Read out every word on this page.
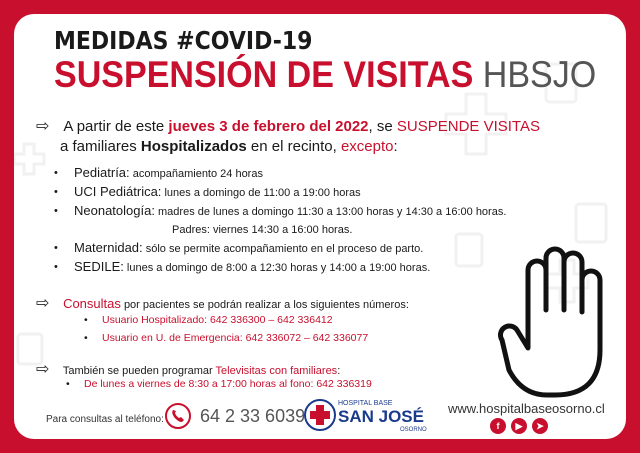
MEDIDAS #COVID-19
SUSPENSIÓN DE VISITAS HBSJO
⇨ A partir de este jueves 3 de febrero del 2022, se SUSPENDE VISITAS
a familiares Hospitalizados en el recinto, excepto:
• Pediatría: acompañamiento 24 horas
• UCI Pediátrica: lunes a domingo de 11:00 a 19:00 horas
• Neonatología: madres de lunes a domingo 11:30 a 13:00 horas y 14:30 a 16:00 horas.
Padres: viernes 14:30 a 16:00 horas.
• Maternidad: sólo se permite acompañamiento en el proceso de parto.
• SEDILE: lunes a domingo de 8:00 a 12:30 horas y 14:00 a 19:00 horas.
⇨ Consultas por pacientes se podrán realizar a los siguientes números:
• Usuario Hospitalizado: 642 336300 – 642 336412
• Usuario en U. de Emergencia: 642 336072 – 642 336077
⇨ También se pueden programar Televisitas con familiares:
• De lunes a viernes de 8:30 a 17:00 horas al fono: 642 336319
Para consultas al teléfono: 64 2 33 6039
HOSPITAL BASE
SAN JOSÉ
OSORNO
www.hospitalbaseosorno.cl
f	▶	➤
